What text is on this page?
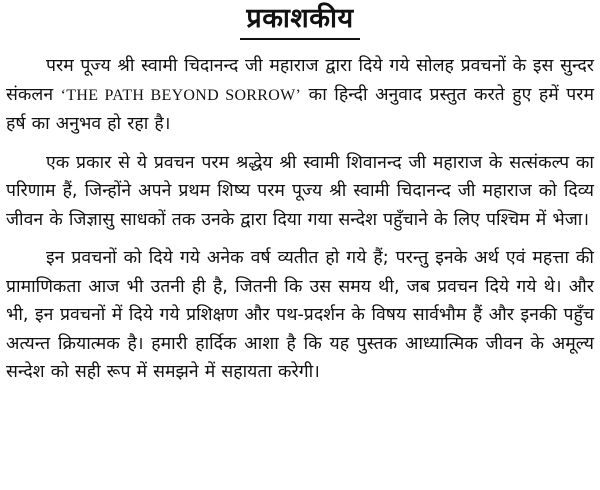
प्रकाशकीय

परम पूज्य श्री स्वामी चिदानन्द जी महाराज द्वारा दिये गये सोलह प्रवचनों के इस सुन्दर संकलन ‘THE PATH BEYOND SORROW’ का हिन्दी अनुवाद प्रस्तुत करते हुए हमें परम हर्ष का अनुभव हो रहा है।

एक प्रकार से ये प्रवचन परम श्रद्धेय श्री स्वामी शिवानन्द जी महाराज के सत्संकल्प का परिणाम हैं, जिन्होंने अपने प्रथम शिष्य परम पूज्य श्री स्वामी चिदानन्द जी महाराज को दिव्य जीवन के जिज्ञासु साधकों तक उनके द्वारा दिया गया सन्देश पहुँचाने के लिए पश्चिम में भेजा।

इन प्रवचनों को दिये गये अनेक वर्ष व्यतीत हो गये हैं; परन्तु इनके अर्थ एवं महत्ता की प्रामाणिकता आज भी उतनी ही है, जितनी कि उस समय थी, जब प्रवचन दिये गये थे। और भी, इन प्रवचनों में दिये गये प्रशिक्षण और पथ-प्रदर्शन के विषय सार्वभौम हैं और इनकी पहुँच अत्यन्त क्रियात्मक है। हमारी हार्दिक आशा है कि यह पुस्तक आध्यात्मिक जीवन के अमूल्य सन्देश को सही रूप में समझने में सहायता करेगी।
